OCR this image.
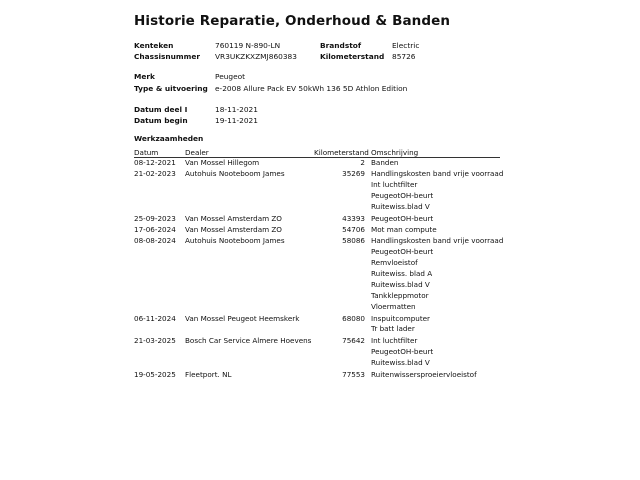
Historie Reparatie, Onderhoud & Banden
Kenteken	760119 N-890-LN	Brandstof	Electric
Chassisnummer VR3UKZKXZMJ860383	Kilometerstand 85726
Merk	Peugeot
Type & uitvoering e-2008 Allure Pack EV 50kWh 136 5D Athlon Edition
Datum deel I	18-11-2021
Datum begin	19-11-2021
Werkzaamheden
Datum	Dealer	Kilometerstand Omschrijving
08-12-2021 Van Mossel Hillegom	2 Banden
21-02-2023 Autohuis Nooteboom James	35269 Handlingskosten band vrije voorraad
Int luchtfilter
PeugeotOH-beurt
Ruitewiss.blad V
25-09-2023 Van Mossel Amsterdam ZO	43393 PeugeotOH-beurt
17-06-2024 Van Mossel Amsterdam ZO	54706 Mot man compute
08-08-2024 Autohuis Nooteboom James	58086 Handlingskosten band vrije voorraad
PeugeotOH-beurt
Remvloeistof
Ruitewiss. blad A
Ruitewiss.blad V
Tankkleppmotor
Vloermatten
06-11-2024 Van Mossel Peugeot Heemskerk	68080 Inspuitcomputer
Tr batt lader
21-03-2025 Bosch Car Service Almere Hoevens	75642 Int luchtfilter
PeugeotOH-beurt
Ruitewiss.blad V
19-05-2025 Fleetport. NL	77553 Ruitenwissersproeiervloeistof
